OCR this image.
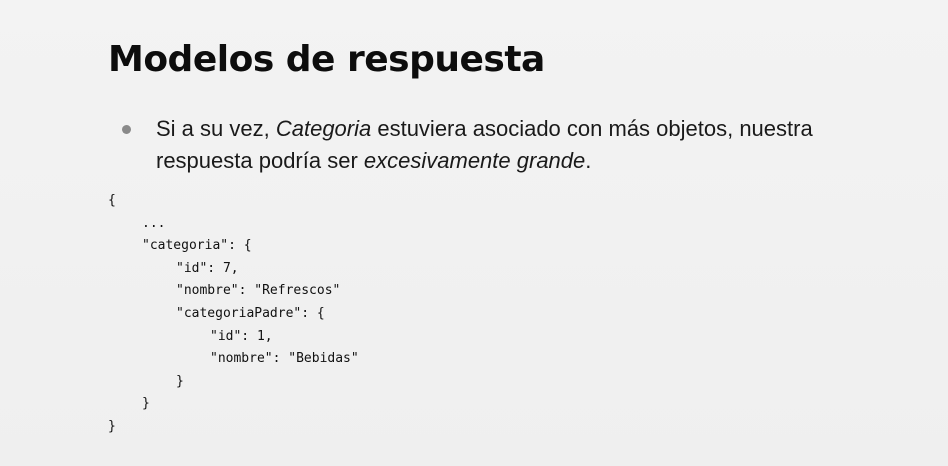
Modelos de respuesta

Si a su vez, Categoria estuviera asociado con más objetos, nuestra respuesta podría ser excesivamente grande.

{
...
"categoria": {
"id": 7,
"nombre": "Refrescos"
"categoriaPadre": {
"id": 1,
"nombre": "Bebidas"
}
}
}
